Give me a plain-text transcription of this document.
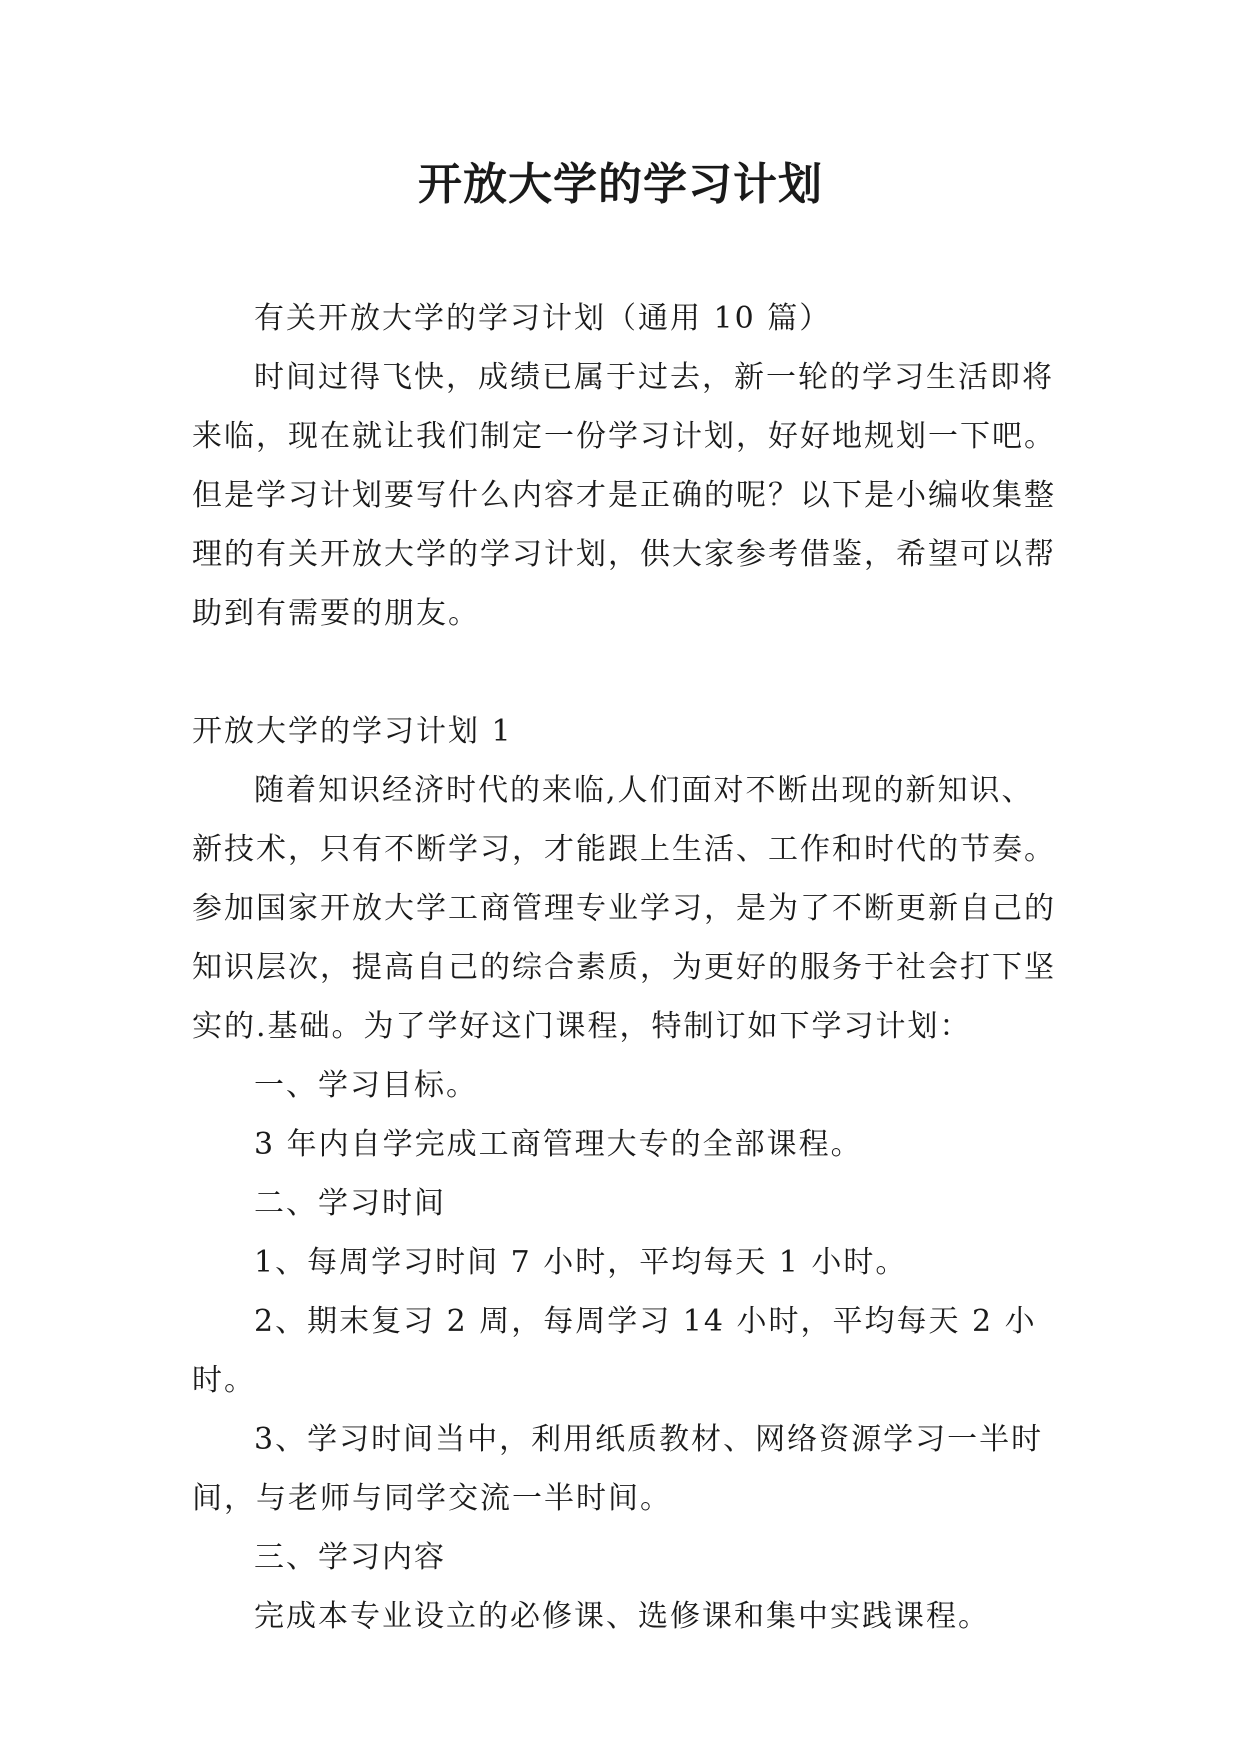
开放大学的学习计划

有关开放大学的学习计划（通用 10 篇）

时间过得飞快，成绩已属于过去，新一轮的学习生活即将来临，现在就让我们制定一份学习计划，好好地规划一下吧。但是学习计划要写什么内容才是正确的呢？以下是小编收集整理的有关开放大学的学习计划，供大家参考借鉴，希望可以帮助到有需要的朋友。

开放大学的学习计划 1

随着知识经济时代的来临,人们面对不断出现的新知识、新技术，只有不断学习，才能跟上生活、工作和时代的节奏。参加国家开放大学工商管理专业学习，是为了不断更新自己的知识层次，提高自己的综合素质，为更好的服务于社会打下坚实的.基础。为了学好这门课程，特制订如下学习计划：

一、学习目标。

3 年内自学完成工商管理大专的全部课程。

二、学习时间

1、每周学习时间 7 小时，平均每天 1 小时。

2、期末复习 2 周，每周学习 14 小时，平均每天 2 小时。

3、学习时间当中，利用纸质教材、网络资源学习一半时间，与老师与同学交流一半时间。

三、学习内容

完成本专业设立的必修课、选修课和集中实践课程。
